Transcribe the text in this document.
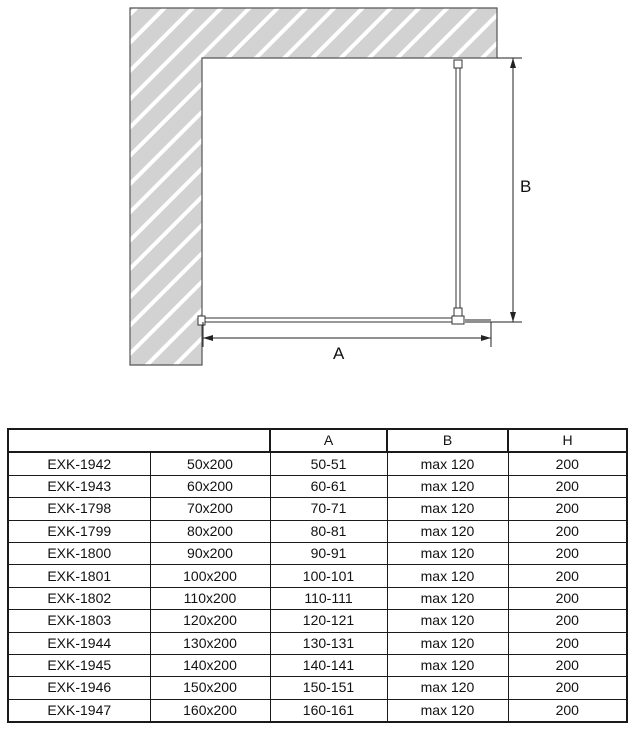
A
B
		A	B	H
EXK-1942	50x200	50-51	max 120	200
EXK-1943	60x200	60-61	max 120	200
EXK-1798	70x200	70-71	max 120	200
EXK-1799	80x200	80-81	max 120	200
EXK-1800	90x200	90-91	max 120	200
EXK-1801	100x200	100-101	max 120	200
EXK-1802	110x200	110-111	max 120	200
EXK-1803	120x200	120-121	max 120	200
EXK-1944	130x200	130-131	max 120	200
EXK-1945	140x200	140-141	max 120	200
EXK-1946	150x200	150-151	max 120	200
EXK-1947	160x200	160-161	max 120	200
